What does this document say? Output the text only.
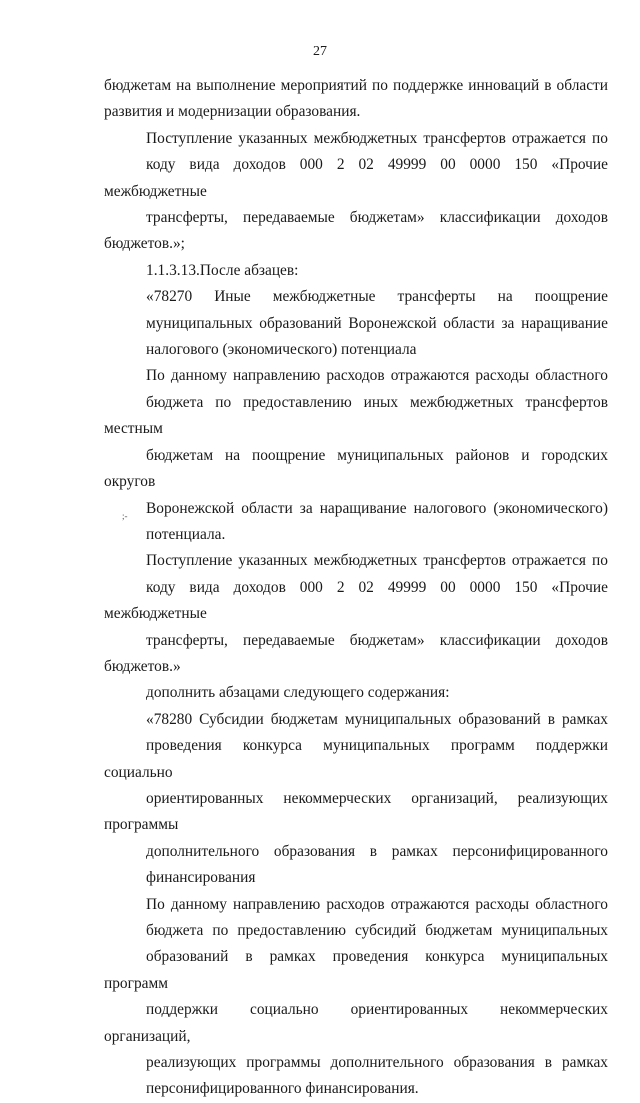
27
бюджетам на выполнение мероприятий по поддержке инноваций в области
развития и модернизации образования.
Поступление указанных межбюджетных трансфертов отражается по
коду вида доходов 000 2 02 49999 00 0000 150 «Прочие межбюджетные
трансферты, передаваемые бюджетам» классификации доходов бюджетов.»;
1.1.3.13.После абзацев:
«78270 Иные межбюджетные трансферты на поощрение
муниципальных образований Воронежской области за наращивание
налогового (экономического) потенциала
По данному направлению расходов отражаются расходы областного
бюджета по предоставлению иных межбюджетных трансфертов местным
бюджетам на поощрение муниципальных районов и городских округов
Воронежской области за наращивание налогового (экономического)
потенциала.
Поступление указанных межбюджетных трансфертов отражается по
коду вида доходов 000 2 02 49999 00 0000 150 «Прочие межбюджетные
трансферты, передаваемые бюджетам» классификации доходов бюджетов.»
дополнить абзацами следующего содержания:
«78280 Субсидии бюджетам муниципальных образований в рамках
проведения конкурса муниципальных программ поддержки социально
ориентированных некоммерческих организаций, реализующих программы
дополнительного образования в рамках персонифицированного
финансирования
По данному направлению расходов отражаются расходы областного
бюджета по предоставлению субсидий бюджетам муниципальных
образований в рамках проведения конкурса муниципальных программ
поддержки социально ориентированных некоммерческих организаций,
реализующих программы дополнительного образования в рамках
персонифицированного финансирования.
;-
